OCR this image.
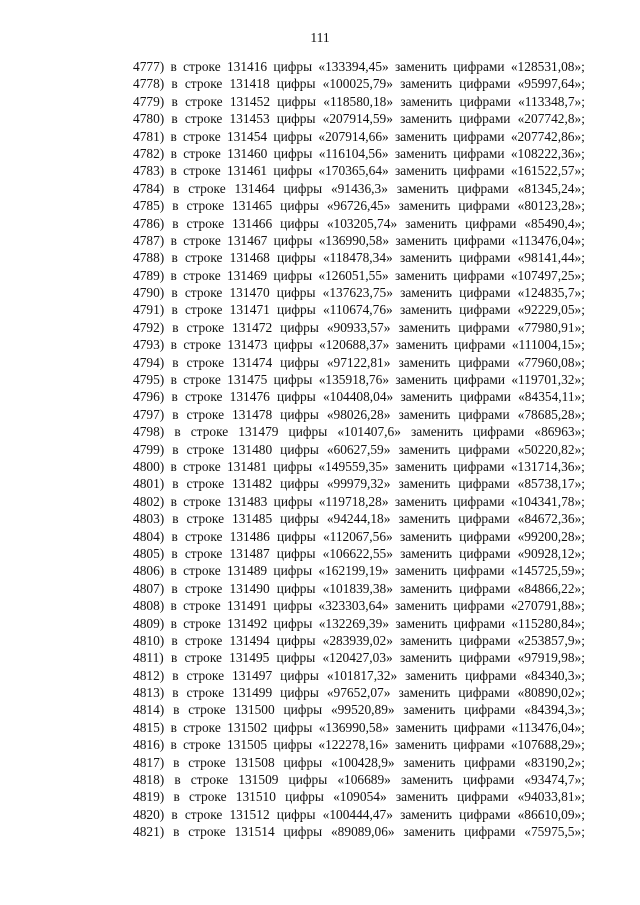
111
4777) в строке 131416 цифры «133394,45» заменить цифрами «128531,08»;
4778) в строке 131418 цифры «100025,79» заменить цифрами «95997,64»;
4779) в строке 131452 цифры «118580,18» заменить цифрами «113348,7»;
4780) в строке 131453 цифры «207914,59» заменить цифрами «207742,8»;
4781) в строке 131454 цифры «207914,66» заменить цифрами «207742,86»;
4782) в строке 131460 цифры «116104,56» заменить цифрами «108222,36»;
4783) в строке 131461 цифры «170365,64» заменить цифрами «161522,57»;
4784) в строке 131464 цифры «91436,3» заменить цифрами «81345,24»;
4785) в строке 131465 цифры «96726,45» заменить цифрами «80123,28»;
4786) в строке 131466 цифры «103205,74» заменить цифрами «85490,4»;
4787) в строке 131467 цифры «136990,58» заменить цифрами «113476,04»;
4788) в строке 131468 цифры «118478,34» заменить цифрами «98141,44»;
4789) в строке 131469 цифры «126051,55» заменить цифрами «107497,25»;
4790) в строке 131470 цифры «137623,75» заменить цифрами «124835,7»;
4791) в строке 131471 цифры «110674,76» заменить цифрами «92229,05»;
4792) в строке 131472 цифры «90933,57» заменить цифрами «77980,91»;
4793) в строке 131473 цифры «120688,37» заменить цифрами «111004,15»;
4794) в строке 131474 цифры «97122,81» заменить цифрами «77960,08»;
4795) в строке 131475 цифры «135918,76» заменить цифрами «119701,32»;
4796) в строке 131476 цифры «104408,04» заменить цифрами «84354,11»;
4797) в строке 131478 цифры «98026,28» заменить цифрами «78685,28»;
4798) в строке 131479 цифры «101407,6» заменить цифрами «86963»;
4799) в строке 131480 цифры «60627,59» заменить цифрами «50220,82»;
4800) в строке 131481 цифры «149559,35» заменить цифрами «131714,36»;
4801) в строке 131482 цифры «99979,32» заменить цифрами «85738,17»;
4802) в строке 131483 цифры «119718,28» заменить цифрами «104341,78»;
4803) в строке 131485 цифры «94244,18» заменить цифрами «84672,36»;
4804) в строке 131486 цифры «112067,56» заменить цифрами «99200,28»;
4805) в строке 131487 цифры «106622,55» заменить цифрами «90928,12»;
4806) в строке 131489 цифры «162199,19» заменить цифрами «145725,59»;
4807) в строке 131490 цифры «101839,38» заменить цифрами «84866,22»;
4808) в строке 131491 цифры «323303,64» заменить цифрами «270791,88»;
4809) в строке 131492 цифры «132269,39» заменить цифрами «115280,84»;
4810) в строке 131494 цифры «283939,02» заменить цифрами «253857,9»;
4811) в строке 131495 цифры «120427,03» заменить цифрами «97919,98»;
4812) в строке 131497 цифры «101817,32» заменить цифрами «84340,3»;
4813) в строке 131499 цифры «97652,07» заменить цифрами «80890,02»;
4814) в строке 131500 цифры «99520,89» заменить цифрами «84394,3»;
4815) в строке 131502 цифры «136990,58» заменить цифрами «113476,04»;
4816) в строке 131505 цифры «122278,16» заменить цифрами «107688,29»;
4817) в строке 131508 цифры «100428,9» заменить цифрами «83190,2»;
4818) в строке 131509 цифры «106689» заменить цифрами «93474,7»;
4819) в строке 131510 цифры «109054» заменить цифрами «94033,81»;
4820) в строке 131512 цифры «100444,47» заменить цифрами «86610,09»;
4821) в строке 131514 цифры «89089,06» заменить цифрами «75975,5»;
